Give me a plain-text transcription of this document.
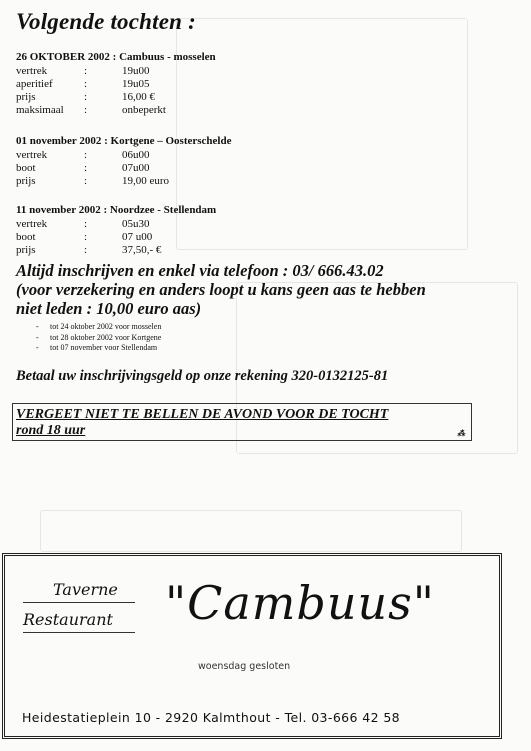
Volgende tochten :
26 OKTOBER 2002 : Cambuus - mosselen
vertrek	:	19u00
aperitief	:	19u05
prijs	:	16,00 €
maksimaal	:	onbeperkt
01 november 2002 : Kortgene – Oosterschelde
vertrek	:	06u00
boot	:	07u00
prijs	:	19,00 euro
11 november 2002 : Noordzee - Stellendam
vertrek	:	05u30
boot	:	07 u00
prijs	:	37,50,- €

Altijd inschrijven en enkel via telefoon : 03/ 666.43.02
(voor verzekering en anders loopt u kans geen aas te hebben
niet leden : 10,00 euro aas)

- tot 24 oktober 2002 voor mosselen
- tot 28 oktober 2002 voor Kortgene
- tot 07 november voor Stellendam

Betaal uw inschrijvingsgeld op onze rekening 320-0132125-81

VERGEET NIET TE BELLEN DE AVOND VOOR DE TOCHT
rond 18 uur	⁂
Taverne
Restaurant "Cambuus"
woensdag gesloten
Heidestatieplein 10 - 2920 Kalmthout - Tel. 03-666 42 58
